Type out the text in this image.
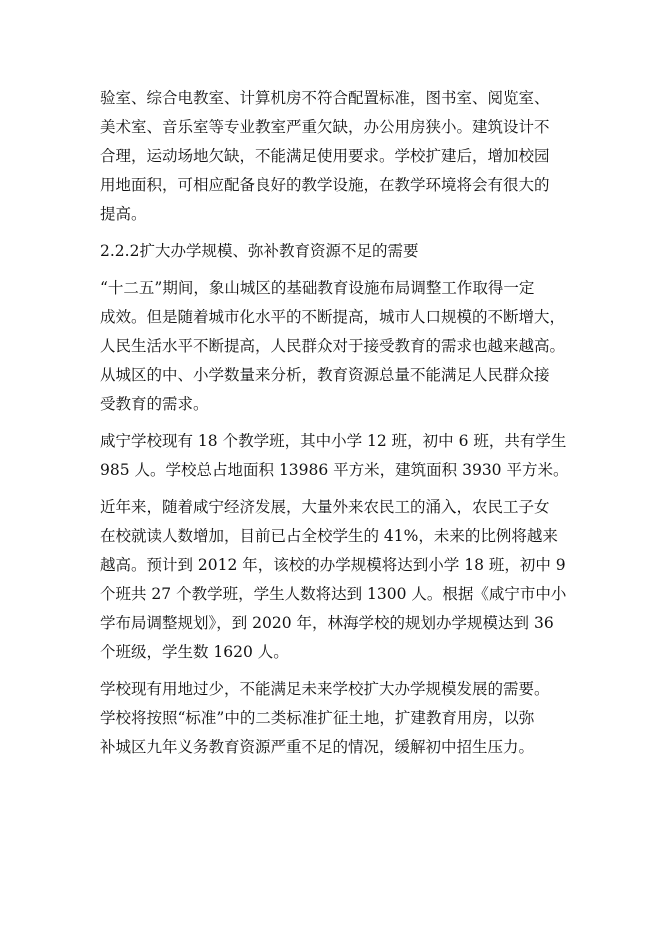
验室、综合电教室、计算机房不符合配置标准，图书室、阅览室、
美术室、音乐室等专业教室严重欠缺，办公用房狭小。建筑设计不
合理，运动场地欠缺，不能满足使用要求。学校扩建后，增加校园
用地面积，可相应配备良好的教学设施，在教学环境将会有很大的
提高。
2.2.2扩大办学规模、弥补教育资源不足的需要
“十二五”期间，象山城区的基础教育设施布局调整工作取得一定
成效。但是随着城市化水平的不断提高，城市人口规模的不断增大，
人民生活水平不断提高，人民群众对于接受教育的需求也越来越高。
从城区的中、小学数量来分析，教育资源总量不能满足人民群众接
受教育的需求。
咸宁学校现有 18 个教学班，其中小学 12 班，初中 6 班，共有学生
985 人。学校总占地面积 13986 平方米，建筑面积 3930 平方米。
近年来，随着咸宁经济发展，大量外来农民工的涌入，农民工子女
在校就读人数增加，目前已占全校学生的 41%，未来的比例将越来
越高。预计到 2012 年，该校的办学规模将达到小学 18 班，初中 9
个班共 27 个教学班，学生人数将达到 1300 人。根据《咸宁市中小
学布局调整规划》，到 2020 年，林海学校的规划办学规模达到 36
个班级，学生数 1620 人。
学校现有用地过少，不能满足未来学校扩大办学规模发展的需要。
学校将按照“标准”中的二类标准扩征土地，扩建教育用房，以弥
补城区九年义务教育资源严重不足的情况，缓解初中招生压力。
